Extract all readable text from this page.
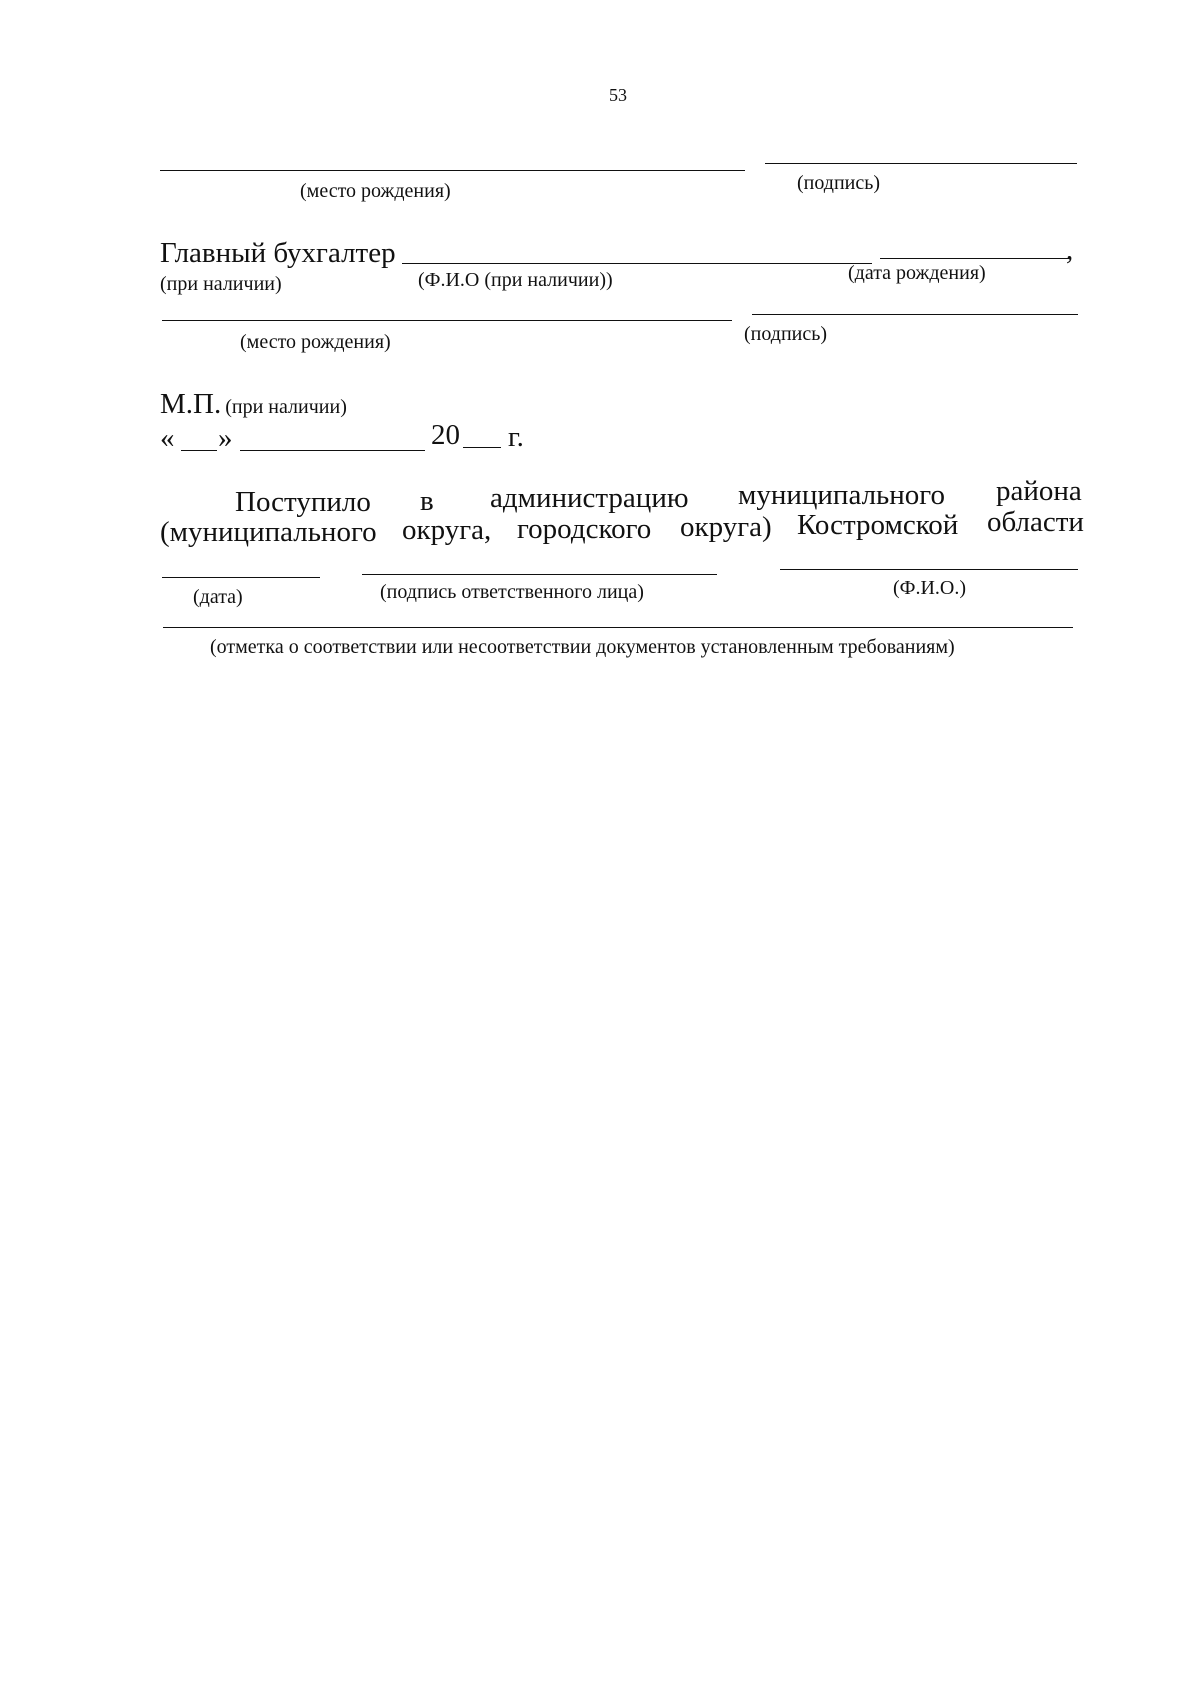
53
(место рождения)	(подпись)
Главный бухгалтер	,
(при наличии)	(Ф.И.О (при наличии))	(дата рождения)
(место рождения)	(подпись)
М.П. (при наличии)
« »	20 г.
Поступило в администрацию муниципального района
(муниципального округа, городского округа) Костромской области
(дата)	(подпись ответственного лица)	(Ф.И.О.)
(отметка о соответствии или несоответствии документов установленным требованиям)
